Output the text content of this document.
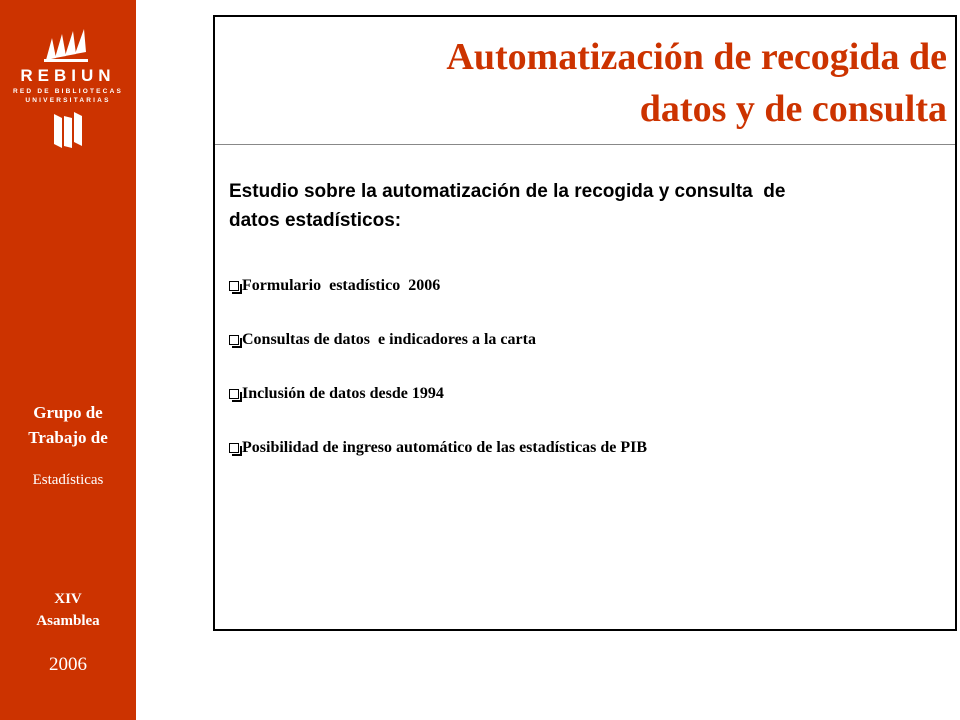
REBIUN
RED DE BIBLIOTECAS
UNIVERSITARIAS
Grupo de
Trabajo de
Estadísticas
XIV
Asamblea
2006
Automatización de recogida de
datos y de consulta

Estudio sobre la automatización de la recogida y consulta  de
datos estadísticos:

Formulario  estadístico  2006
Consultas de datos  e indicadores a la carta
Inclusión de datos desde 1994
Posibilidad de ingreso automático de las estadísticas de PIB
